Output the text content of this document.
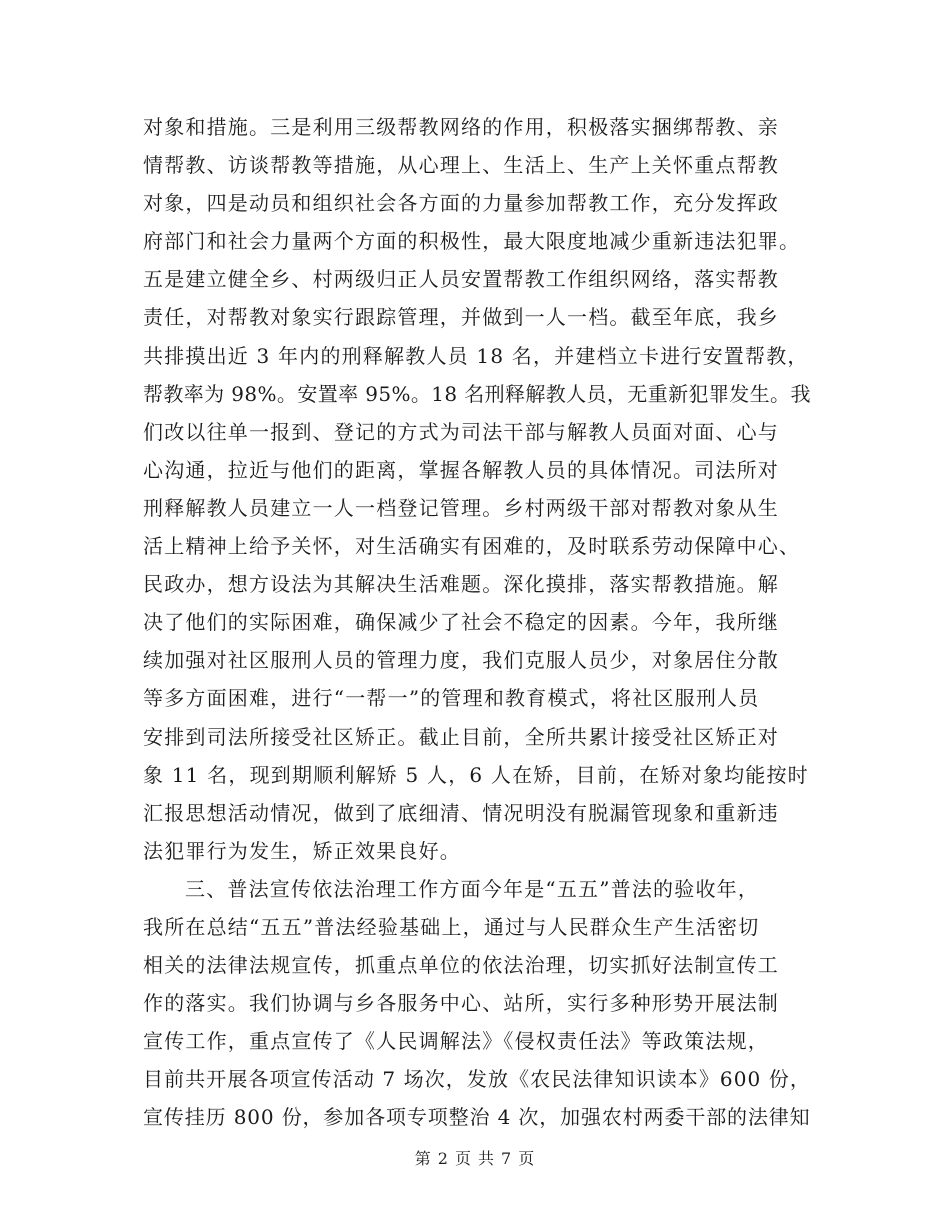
对象和措施。三是利用三级帮教网络的作用，积极落实捆绑帮教、亲
情帮教、访谈帮教等措施，从心理上、生活上、生产上关怀重点帮教
对象，四是动员和组织社会各方面的力量参加帮教工作，充分发挥政
府部门和社会力量两个方面的积极性，最大限度地减少重新违法犯罪。
五是建立健全乡、村两级归正人员安置帮教工作组织网络，落实帮教
责任，对帮教对象实行跟踪管理，并做到一人一档。截至年底，我乡
共排摸出近 3 年内的刑释解教人员 18 名，并建档立卡进行安置帮教，
帮教率为 98%。安置率 95%。18 名刑释解教人员，无重新犯罪发生。我
们改以往单一报到、登记的方式为司法干部与解教人员面对面、心与
心沟通，拉近与他们的距离，掌握各解教人员的具体情况。司法所对
刑释解教人员建立一人一档登记管理。乡村两级干部对帮教对象从生
活上精神上给予关怀，对生活确实有困难的，及时联系劳动保障中心、
民政办，想方设法为其解决生活难题。深化摸排，落实帮教措施。解
决了他们的实际困难，确保减少了社会不稳定的因素。今年，我所继
续加强对社区服刑人员的管理力度，我们克服人员少，对象居住分散
等多方面困难，进行“一帮一”的管理和教育模式，将社区服刑人员
安排到司法所接受社区矫正。截止目前，全所共累计接受社区矫正对
象 11 名，现到期顺利解矫 5 人，6 人在矫，目前，在矫对象均能按时
汇报思想活动情况，做到了底细清、情况明没有脱漏管现象和重新违
法犯罪行为发生，矫正效果良好。
三、普法宣传依法治理工作方面今年是“五五”普法的验收年，
我所在总结“五五”普法经验基础上，通过与人民群众生产生活密切
相关的法律法规宣传，抓重点单位的依法治理，切实抓好法制宣传工
作的落实。我们协调与乡各服务中心、站所，实行多种形势开展法制
宣传工作，重点宣传了《人民调解法》《侵权责任法》等政策法规，
目前共开展各项宣传活动 7 场次，发放《农民法律知识读本》600 份，
宣传挂历 800 份，参加各项专项整治 4 次，加强农村两委干部的法律知
第 2 页 共 7 页
